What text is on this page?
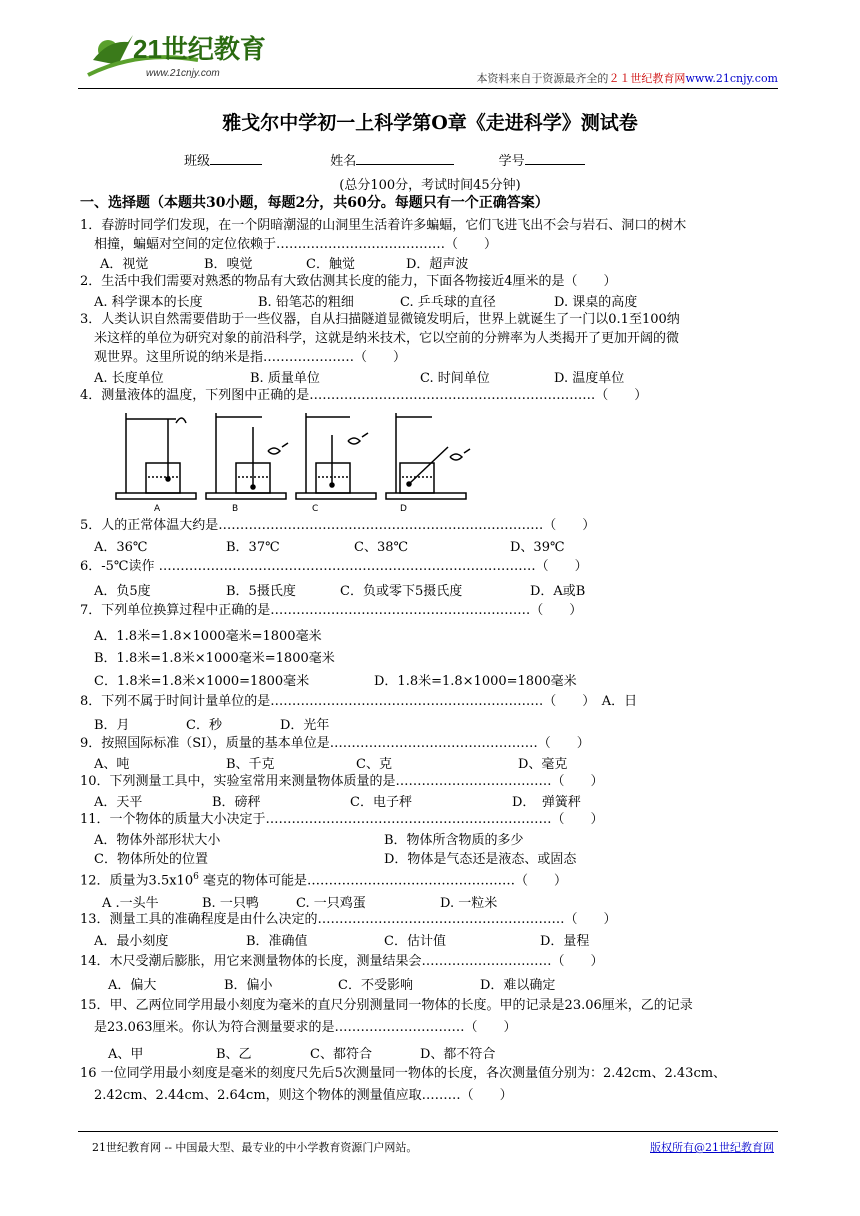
21世纪教育
www.21cnjy.com	本资料来自于资源最齐全的２１世纪教育网www.21cnjy.com
雅戈尔中学初一上科学第O章《走进科学》测试卷
班级	姓名	学号
(总分100分，考试时间45分钟)
一、选择题（本题共30小题，每题2分，共60分。每题只有一个正确答案）
1．春游时同学们发现，在一个阴暗潮湿的山洞里生活着许多蝙蝠，它们飞进飞出不会与岩石、洞口的树木
相撞，蝙蝠对空间的定位依赖于…………………………………（　　）
A．视觉	B．嗅觉	C．触觉	D．超声波
2．生活中我们需要对熟悉的物品有大致估测其长度的能力，下面各物接近4厘米的是（　　）
A. 科学课本的长度	B. 铅笔芯的粗细	C. 乒乓球的直径	D. 课桌的高度
3．人类认识自然需要借助于一些仪器，自从扫描隧道显微镜发明后，世界上就诞生了一门以0.1至100纳
米这样的单位为研究对象的前沿科学，这就是纳米技术，它以空前的分辨率为人类揭开了更加开阔的微
观世界。这里所说的纳米是指…………………（　　）
A. 长度单位	B. 质量单位	C. 时间单位	D. 温度单位
4．测量液体的温度，下列图中正确的是…………………………………………………………（　　）
A	B	C	D
5．人的正常体温大约是…………………………………………………………………（　　）
A．36℃	B．37℃	C、38℃	D、39℃
6．-5℃读作 ……………………………………………………………………………（　　）
A．负5度	B．5摄氏度	C．负或零下5摄氏度	D．A或B
7．下列单位换算过程中正确的是……………………………………………………（　　）
A．1.8米=1.8×1000毫米=1800毫米
B．1.8米=1.8米×1000毫米=1800毫米
C．1.8米=1.8米×1000=1800毫米	D．1.8米=1.8×1000=1800毫米
8．下列不属于时间计量单位的是………………………………………………………（　　）　A．日
B．月	C．秒	D．光年
9．按照国际标准（SI），质量的基本单位是…………………………………………（　　）
A、吨	B、千克	C、克	D、毫克
10．下列测量工具中，实验室常用来测量物体质量的是………………………………（　　）
A．天平	B．磅秤	C．电子秤	D．　弹簧秤
11．一个物体的质量大小决定于…………………………………………………………（　　）
A．物体外部形状大小	B．物体所含物质的多少
C．物体所处的位置	D．物体是气态还是液态、或固态
12．质量为$3.5x10^6$ 毫克的物体可能是…………………………………………（　　）
A .一头牛	B. 一只鸭	C. 一只鸡蛋	D. 一粒米
13．测量工具的准确程度是由什么决定的…………………………………………………（　　）
A．最小刻度	B．准确值	C．估计值	D．量程
14．木尺受潮后膨胀，用它来测量物体的长度，测量结果会…………………………（　　）
A．偏大	B．偏小	C．不受影响	D．难以确定
15．甲、乙两位同学用最小刻度为毫米的直尺分别测量同一物体的长度。甲的记录是23.06厘米，乙的记录
是23.063厘米。你认为符合测量要求的是…………………………（　　）
A、甲	B、乙	C、都符合	D、都不符合
16 一位同学用最小刻度是毫米的刻度尺先后5次测量同一物体的长度，各次测量值分别为：2.42cm、2.43cm、
2.42cm、2.44cm、2.64cm，则这个物体的测量值应取………（　　）
21世纪教育网 -- 中国最大型、最专业的中小学教育资源门户网站。	版权所有@21世纪教育网
